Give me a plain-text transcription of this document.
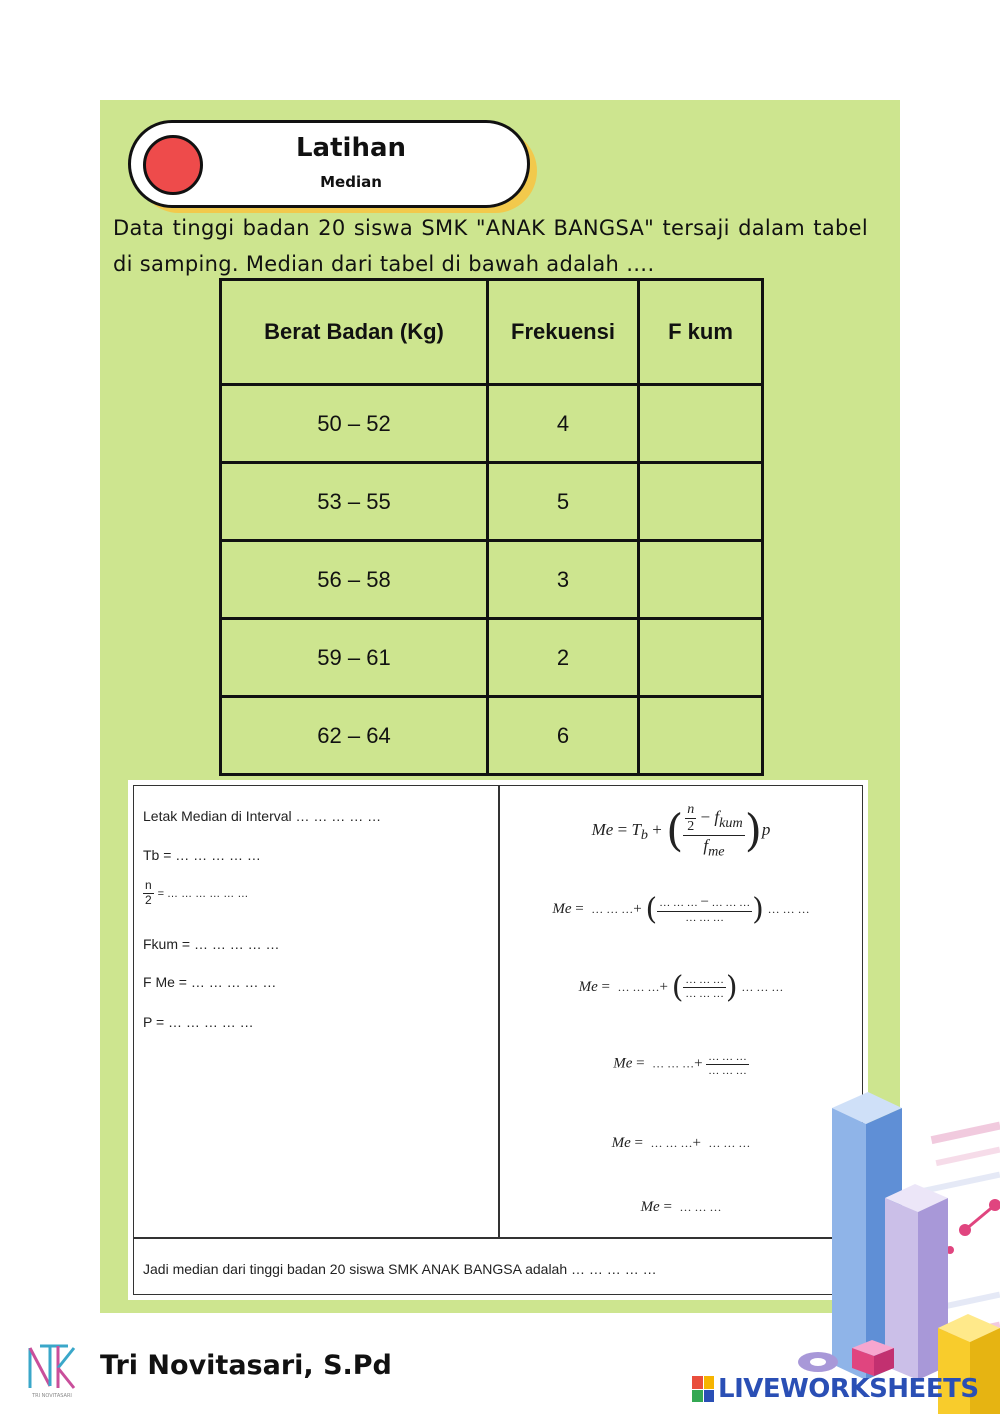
Latihan
Median
Data tinggi badan 20 siswa SMK "ANAK BANGSA" tersaji dalam tabel di samping. Median dari tabel di bawah adalah ….
Berat Badan (Kg)	Frekuensi	F kum
50 – 52	4	
53 – 55	5	
56 – 58	3	
59 – 61	2	
62 – 64	6	
Letak Median di Interval … … … … …
Tb = … … … … …
$\frac{n}{2}$ = … … … … … …
Fkum = … … … … …
F Me = … … … … …
P = … … … … …
$Me = T_b$ + ( $\frac{\frac{n}{2} - f_{kum}}{f_{me}} )p$
Me = … … …+ ( $\frac{\dots \dots \dots - \dots \dots \dots}{\dots \dots \dots}$ ) … … …
Me = … … …+ ( $\frac{\dots \dots \dots}{\dots \dots \dots}$ ) … … …
Me = … … …+ $\frac{\dots \dots \dots}{\dots \dots \dots}$
Me = … … …+ … … …
Me = … … …
Jadi median dari tinggi badan 20 siswa SMK ANAK BANGSA adalah … … … … …
TRI NOVITASARI
Tri Novitasari, S.Pd
LIVEWORKSHEETS
